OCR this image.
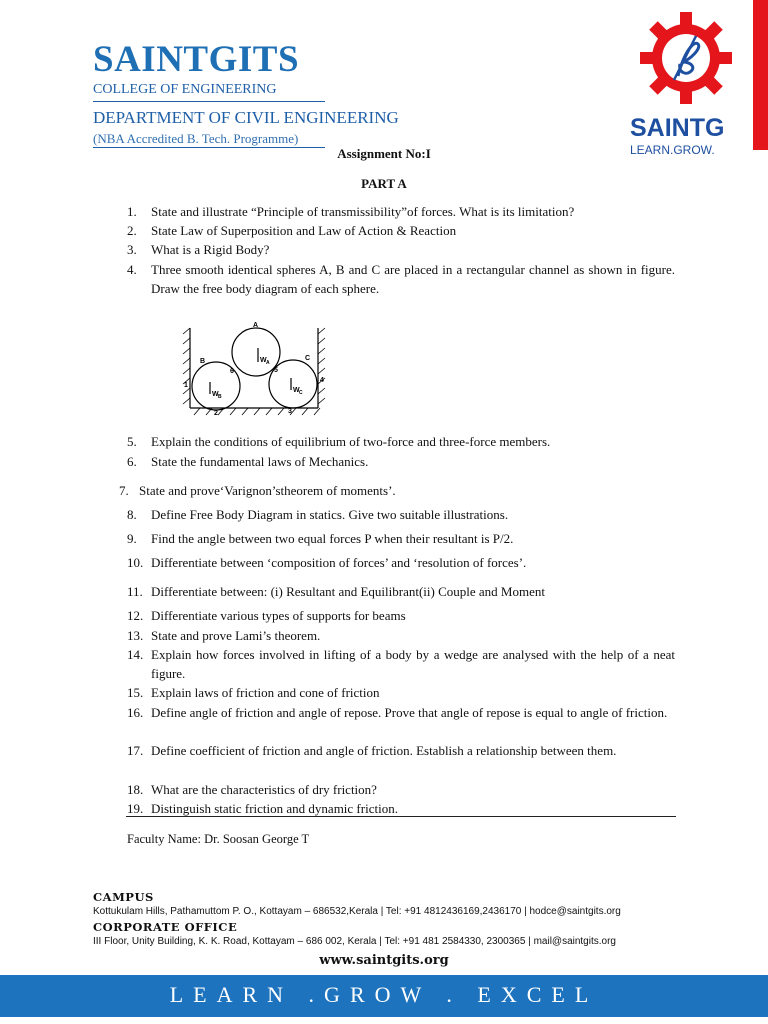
SAINTGITS
COLLEGE OF ENGINEERING
DEPARTMENT OF CIVIL ENGINEERING
(NBA Accredited B. Tech. Programme)	SAINTG
LEARN.GROW.
Assignment No:I
PART A
1. State and illustrate “Principle of transmissibility”of forces. What is its limitation?
2. State Law of Superposition and Law of Action & Reaction
3. What is a Rigid Body?
4. Three smooth identical spheres A, B and C are placed in a rectangular channel as shown in figure. Draw the free body diagram of each sphere.
A
B	C
1
2	3
4
5
6
W A
W B
W C
5. Explain the conditions of equilibrium of two-force and three-force members.
6. State the fundamental laws of Mechanics.
7. State and prove‘Varignon’stheorem of moments’.
8. Define Free Body Diagram in statics. Give two suitable illustrations.
9. Find the angle between two equal forces P when their resultant is P/2.
10. Differentiate between ‘composition of forces’ and ‘resolution of forces’.
11. Differentiate between: (i) Resultant and Equilibrant(ii) Couple and Moment
12. Differentiate various types of supports for beams
13. State and prove Lami’s theorem.
14. Explain how forces involved in lifting of a body by a wedge are analysed with the help of a neat figure.
15. Explain laws of friction and cone of friction
16. Define angle of friction and angle of repose. Prove that angle of repose is equal to angle of friction.
17. Define coefficient of friction and angle of friction. Establish a relationship between them.
18. What are the characteristics of dry friction?
19. Distinguish static friction and dynamic friction.
Faculty Name: Dr. Soosan George T
CAMPUS
Kottukulam Hills, Pathamuttom P. O., Kottayam – 686532,Kerala | Tel: +91 4812436169,2436170 | hodce@saintgits.org
CORPORATE OFFICE
III Floor, Unity Building, K. K. Road, Kottayam – 686 002, Kerala | Tel: +91 481 2584330, 2300365 | mail@saintgits.org
www.saintgits.org
LEARN .GROW . EXCEL
